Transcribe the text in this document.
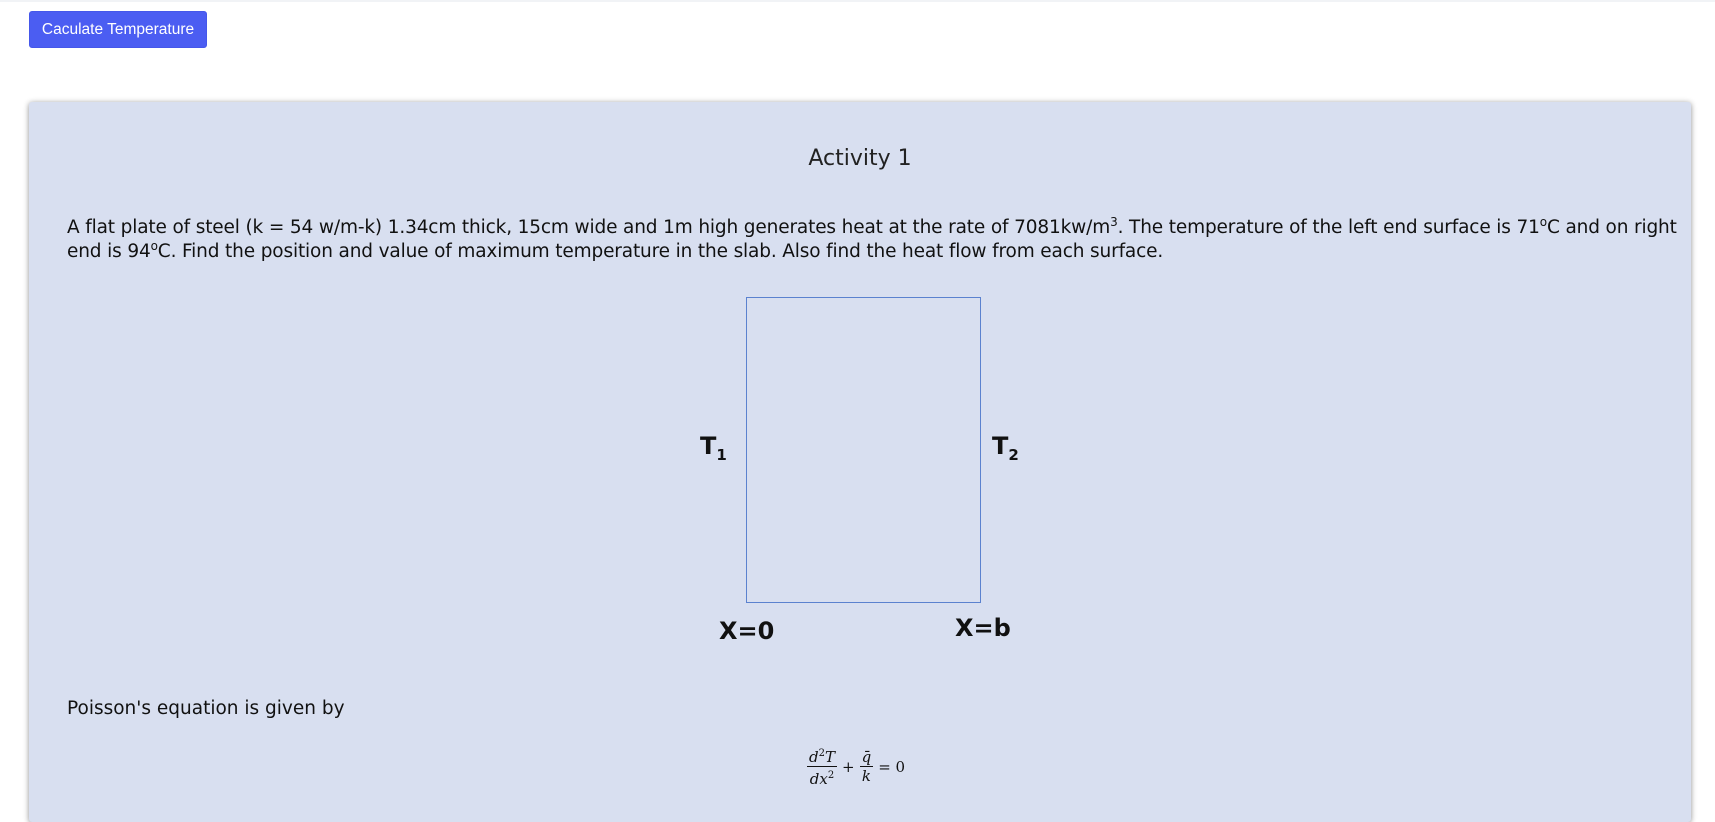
Caculate Temperature
Activity 1
A flat plate of steel (k = 54 w/m-k) 1.34cm thick, 15cm wide and 1m high generates heat at the rate of $7081kw/m^3$. The temperature of the left end surface is 71$^o$C and on right end is 94$^o$C. Find the position and value of maximum temperature in the slab. Also find the heat flow from each surface.
$T_1$	$T_2$
X=0	X=b
Poisson's equation is given by
$\frac{d^2T}{dx^2} + \frac{q̄}{k} = 0$
